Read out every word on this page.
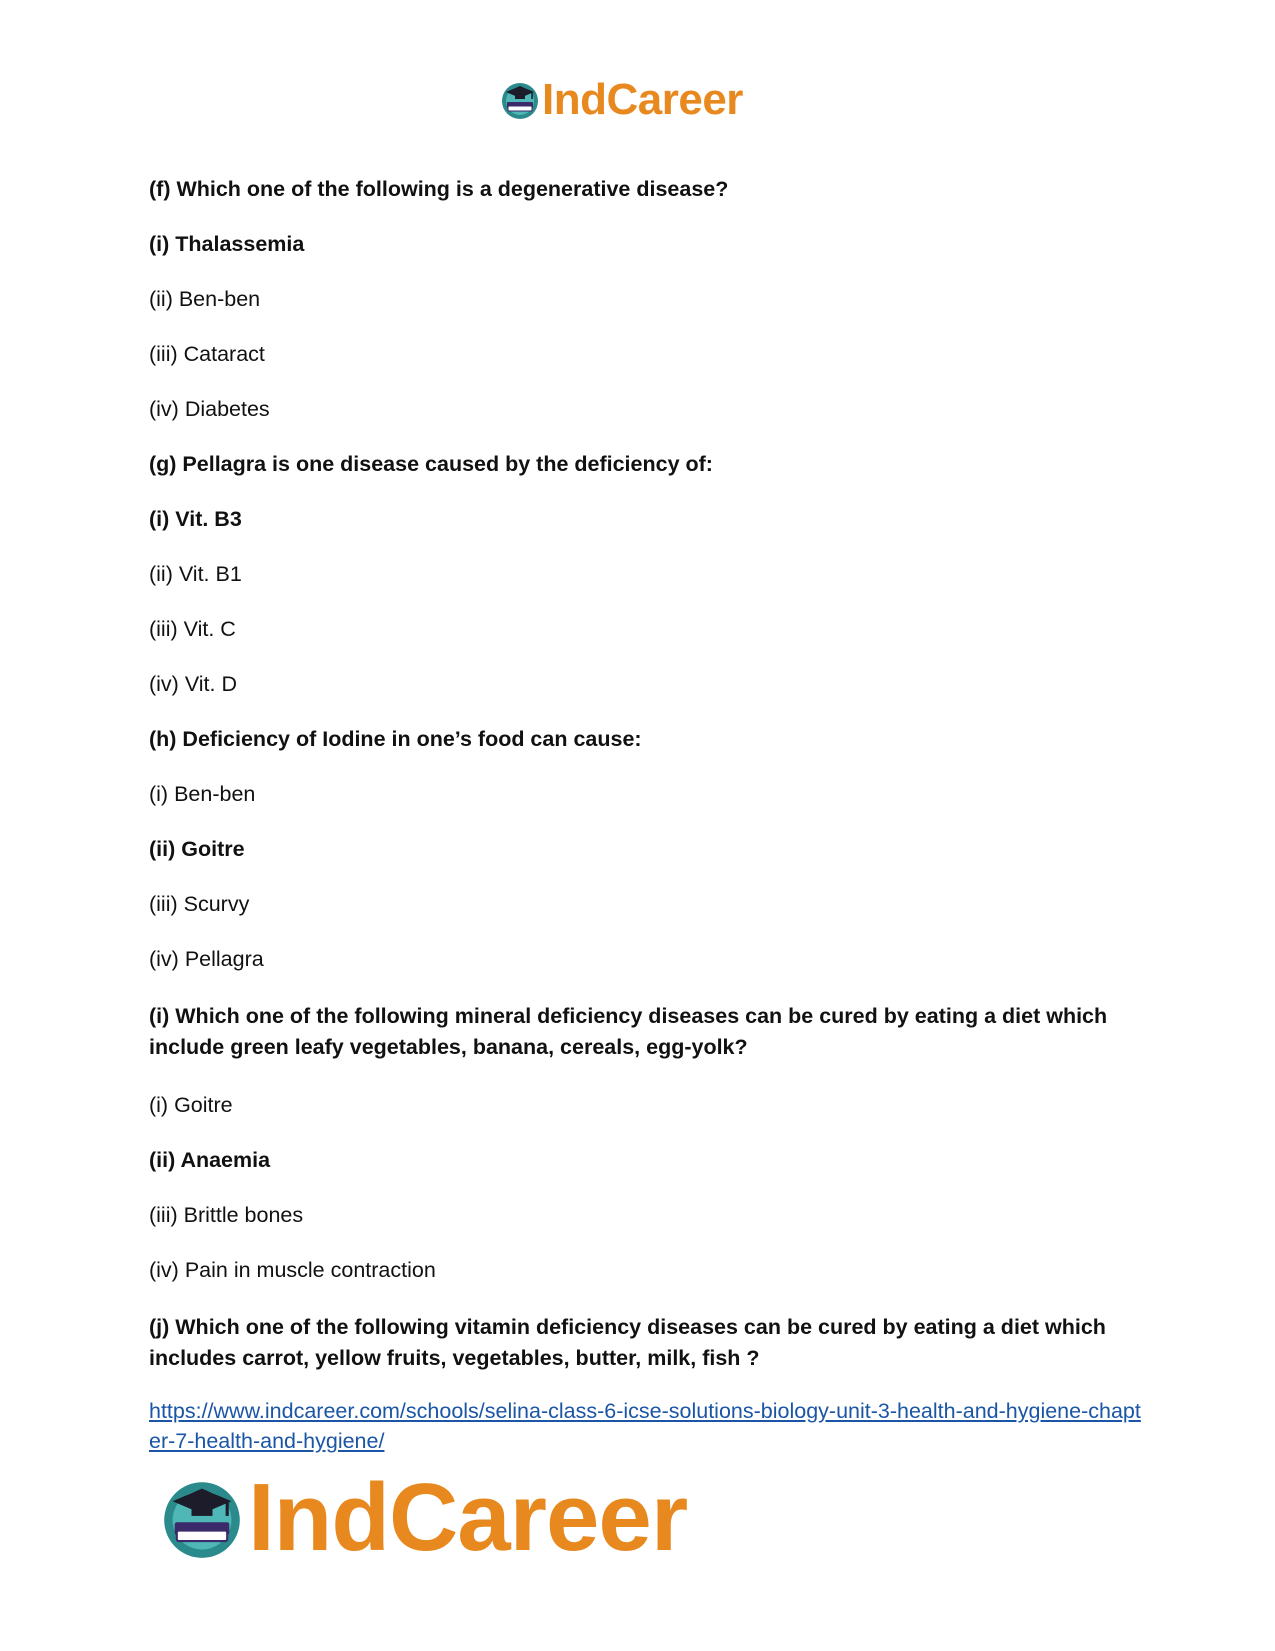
IndCareer

(f) Which one of the following is a degenerative disease?

(i) Thalassemia

(ii) Ben-ben

(iii) Cataract

(iv) Diabetes

(g) Pellagra is one disease caused by the deficiency of:

(i) Vit. B3

(ii) Vit. B1

(iii) Vit. C

(iv) Vit. D

(h) Deficiency of Iodine in one’s food can cause:

(i) Ben-ben

(ii) Goitre

(iii) Scurvy

(iv) Pellagra

(i) Which one of the following mineral deficiency diseases can be cured by eating a diet which include green leafy vegetables, banana, cereals, egg-yolk?

(i) Goitre

(ii) Anaemia

(iii) Brittle bones

(iv) Pain in muscle contraction

(j) Which one of the following vitamin deficiency diseases can be cured by eating a diet which includes carrot, yellow fruits, vegetables, butter, milk, fish ?

https://www.indcareer.com/schools/selina-class-6-icse-solutions-biology-unit-3-health-and-hygiene-chapter-7-health-and-hygiene/
IndCareer
